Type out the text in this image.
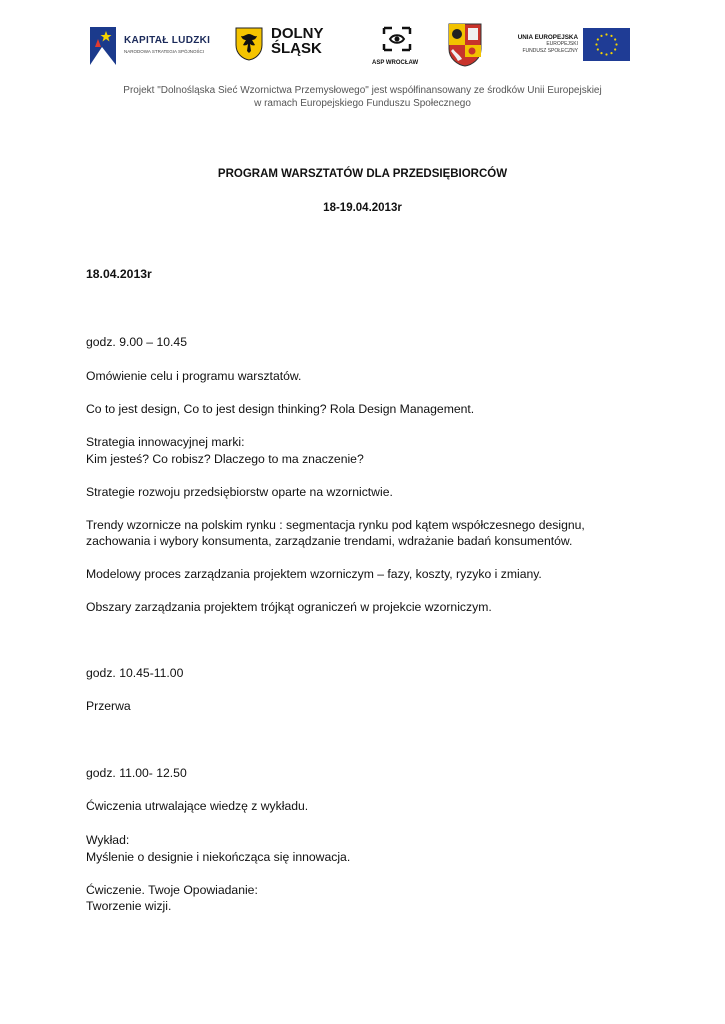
KAPITAŁ LUDZKI
NARODOWA STRATEGIA SPÓJNOŚCI
DOLNY
ŚLĄSK
ASP WROCŁAW
UNIA EUROPEJSKA
EUROPEJSKI
FUNDUSZ SPOŁECZNY
Projekt "Dolnośląska Sieć Wzornictwa Przemysłowego" jest współfinansowany ze środków Unii Europejskiej
w ramach Europejskiego Funduszu Społecznego
PROGRAM WARSZTATÓW DLA PRZEDSIĘBIORCÓW
18-19.04.2013r
18.04.2013r
godz. 9.00 – 10.45
Omówienie celu i programu warsztatów.
Co to jest design, Co to jest design thinking? Rola Design Management.
Strategia innowacyjnej marki:
Kim jesteś? Co robisz? Dlaczego to ma znaczenie?
Strategie rozwoju przedsiębiorstw oparte na wzornictwie.
Trendy wzornicze na polskim rynku : segmentacja rynku pod kątem współczesnego designu,
zachowania i wybory konsumenta, zarządzanie trendami, wdrażanie badań konsumentów.
Modelowy proces zarządzania projektem wzorniczym – fazy, koszty, ryzyko i zmiany.
Obszary zarządzania projektem trójkąt ograniczeń w projekcie wzorniczym.
godz. 10.45-11.00
Przerwa
godz. 11.00- 12.50
Ćwiczenia utrwalające wiedzę z wykładu.
Wykład:
Myślenie o designie i niekończąca się innowacja.
Ćwiczenie. Twoje Opowiadanie:
Tworzenie wizji.
